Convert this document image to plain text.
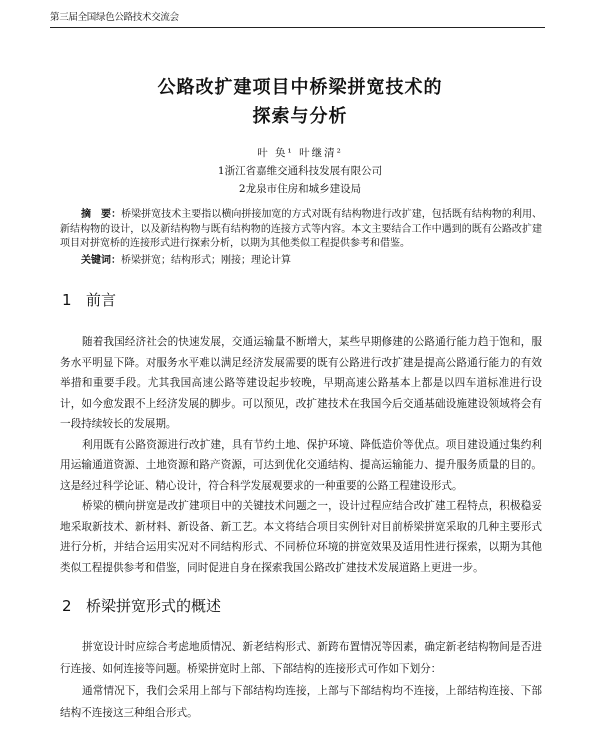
第三届全国绿色公路技术交流会
公路改扩建项目中桥梁拼宽技术的
探索与分析
叶 奂¹ 叶继清²
1浙江省嘉维交通科技发展有限公司
2龙泉市住房和城乡建设局

摘　要：桥梁拼宽技术主要指以横向拼接加宽的方式对既有结构物进行改扩建，包括既有结构物的利用、新结构物的设计，以及新结构物与既有结构物的连接方式等内容。本文主要结合工作中遇到的既有公路改扩建项目对拼宽桥的连接形式进行探索分析，以期为其他类似工程提供参考和借鉴。

关键词：桥梁拼宽；结构形式；刚接；理论计算

1 前言

随着我国经济社会的快速发展，交通运输量不断增大，某些早期修建的公路通行能力趋于饱和，服务水平明显下降。对服务水平难以满足经济发展需要的既有公路进行改扩建是提高公路通行能力的有效举措和重要手段。尤其我国高速公路等建设起步较晚，早期高速公路基本上都是以四车道标准进行设计，如今愈发跟不上经济发展的脚步。可以预见，改扩建技术在我国今后交通基础设施建设领域将会有一段持续较长的发展期。

利用既有公路资源进行改扩建，具有节约土地、保护环境、降低造价等优点。项目建设通过集约利用运输通道资源、土地资源和路产资源，可达到优化交通结构、提高运输能力、提升服务质量的目的。这是经过科学论证、精心设计，符合科学发展观要求的一种重要的公路工程建设形式。

桥梁的横向拼宽是改扩建项目中的关键技术问题之一，设计过程应结合改扩建工程特点，积极稳妥地采取新技术、新材料、新设备、新工艺。本文将结合项目实例针对目前桥梁拼宽采取的几种主要形式进行分析，并结合运用实况对不同结构形式、不同桥位环境的拼宽效果及适用性进行探索，以期为其他类似工程提供参考和借鉴，同时促进自身在探索我国公路改扩建技术发展道路上更进一步。

2 桥梁拼宽形式的概述

拼宽设计时应综合考虑地质情况、新老结构形式、新跨布置情况等因素，确定新老结构物间是否进行连接、如何连接等问题。桥梁拼宽时上部、下部结构的连接形式可作如下划分：

通常情况下，我们会采用上部与下部结构均连接，上部与下部结构均不连接，上部结构连接、下部结构不连接这三种组合形式。
